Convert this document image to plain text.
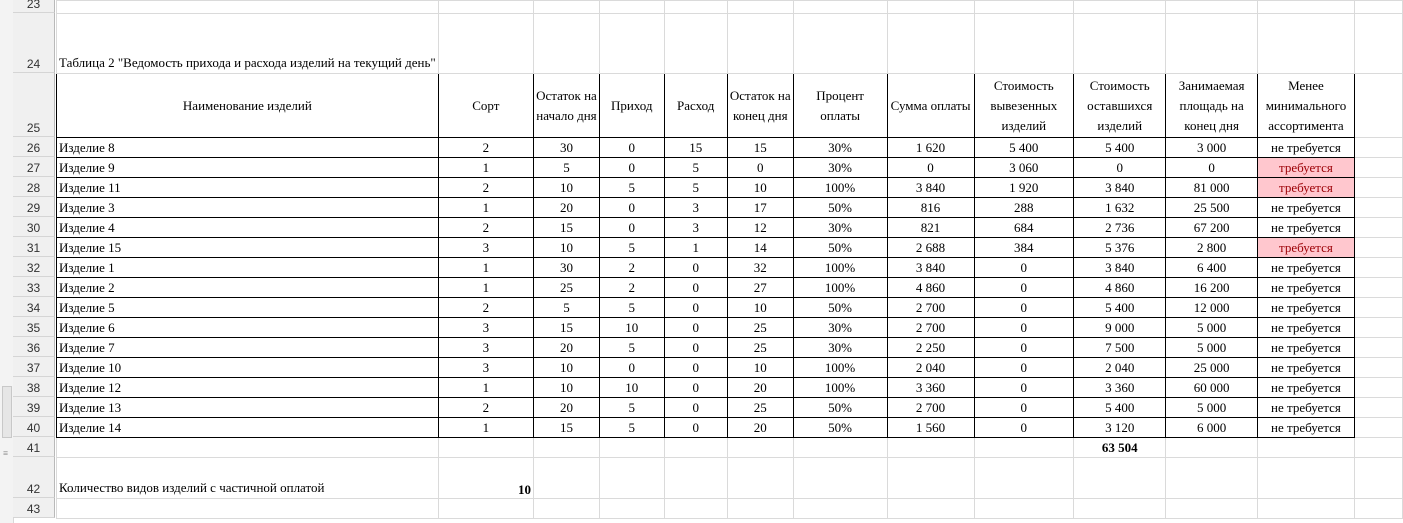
≡
23
24
25
26
27
28
29
30
31
32
33
34
35
36
37
38
39
40
41
42
43

Таблица 2 "Ведомость прихода и расхода изделий на текущий день"												
Наименование изделий	Сорт	Остаток на начало дня	Приход	Расход	Остаток на конец дня	Процент оплаты	Сумма оплаты	Стоимость вывезенных изделий	Стоимость оставшихся изделий	Занимаемая площадь на конец дня	Менее минимального ассортимента	
Изделие 8	2	30	0	15	15	30%	1 620	5 400	5 400	3 000	не требуется	
Изделие 9	1	5	0	5	0	30%	0	3 060	0	0	требуется	
Изделие 11	2	10	5	5	10	100%	3 840	1 920	3 840	81 000	требуется	
Изделие 3	1	20	0	3	17	50%	816	288	1 632	25 500	не требуется	
Изделие 4	2	15	0	3	12	30%	821	684	2 736	67 200	не требуется	
Изделие 15	3	10	5	1	14	50%	2 688	384	5 376	2 800	требуется	
Изделие 1	1	30	2	0	32	100%	3 840	0	3 840	6 400	не требуется	
Изделие 2	1	25	2	0	27	100%	4 860	0	4 860	16 200	не требуется	
Изделие 5	2	5	5	0	10	50%	2 700	0	5 400	12 000	не требуется	
Изделие 6	3	15	10	0	25	30%	2 700	0	9 000	5 000	не требуется	
Изделие 7	3	20	5	0	25	30%	2 250	0	7 500	5 000	не требуется	
Изделие 10	3	10	0	0	10	100%	2 040	0	2 040	25 000	не требуется	
Изделие 12	1	10	10	0	20	100%	3 360	0	3 360	60 000	не требуется	
Изделие 13	2	20	5	0	25	50%	2 700	0	5 400	5 000	не требуется	
Изделие 14	1	15	5	0	20	50%	1 560	0	3 120	6 000	не требуется	
									63 504			
Количество видов изделий с частичной оплатой	10											
